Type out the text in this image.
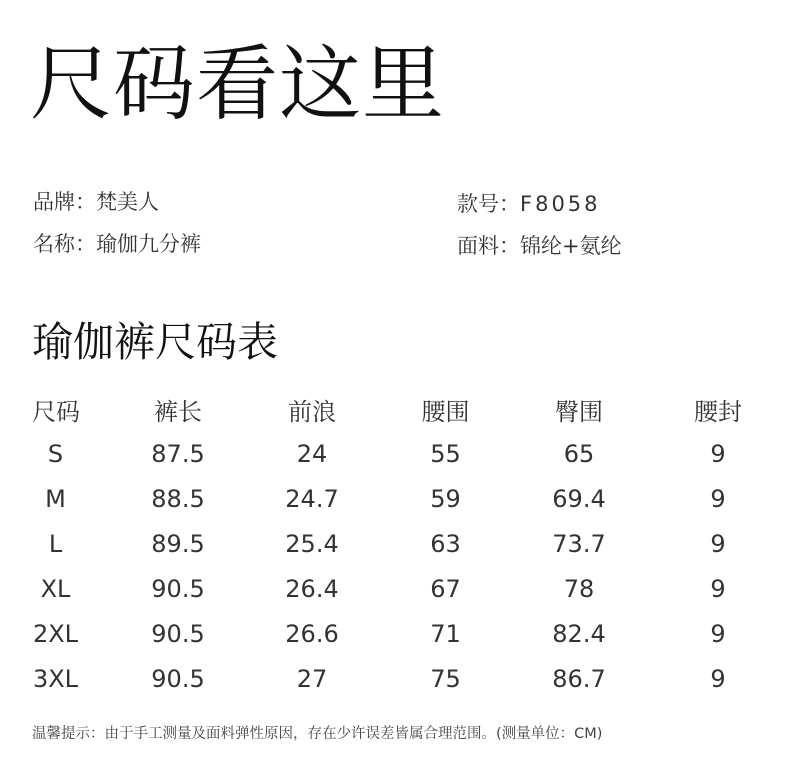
尺码看这里
品牌：梵美人
名称：瑜伽九分裤
款号：F8058
面料：锦纶+氨纶
瑜伽裤尺码表
尺码	裤长	前浪	腰围	臀围	腰封
S	87.5	24	55	65	9
M	88.5	24.7	59	69.4	9
L	89.5	25.4	63	73.7	9
XL	90.5	26.4	67	78	9
2XL	90.5	26.6	71	82.4	9
3XL	90.5	27	75	86.7	9
温馨提示：由于手工测量及面料弹性原因，存在少许误差皆属合理范围。(测量单位：CM)
